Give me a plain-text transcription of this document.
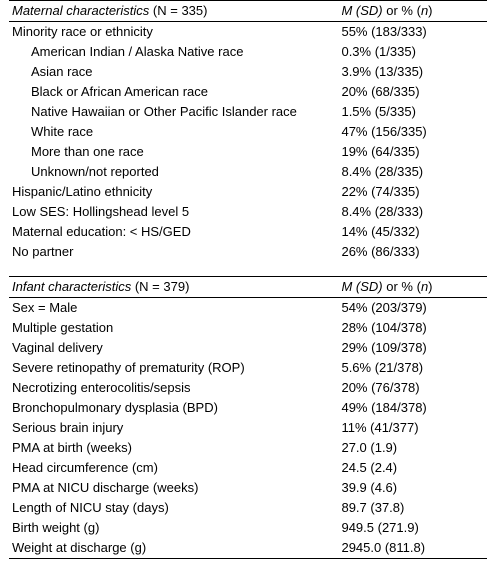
Maternal characteristics (N = 335)	M (SD) or % (n)
Minority race or ethnicity	55% (183/333)
American Indian / Alaska Native race	0.3% (1/335)
Asian race	3.9% (13/335)
Black or African American race	20% (68/335)
Native Hawaiian or Other Pacific Islander race	1.5% (5/335)
White race	47% (156/335)
More than one race	19% (64/335)
Unknown/not reported	8.4% (28/335)
Hispanic/Latino ethnicity	22% (74/335)
Low SES: Hollingshead level 5	8.4% (28/333)
Maternal education: < HS/GED	14% (45/332)
No partner	26% (86/333)

Infant characteristics (N = 379)	M (SD) or % (n)
Sex = Male	54% (203/379)
Multiple gestation	28% (104/378)
Vaginal delivery	29% (109/378)
Severe retinopathy of prematurity (ROP)	5.6% (21/378)
Necrotizing enterocolitis/sepsis	20% (76/378)
Bronchopulmonary dysplasia (BPD)	49% (184/378)
Serious brain injury	11% (41/377)
PMA at birth (weeks)	27.0 (1.9)
Head circumference (cm)	24.5 (2.4)
PMA at NICU discharge (weeks)	39.9 (4.6)
Length of NICU stay (days)	89.7 (37.8)
Birth weight (g)	949.5 (271.9)
Weight at discharge (g)	2945.0 (811.8)
